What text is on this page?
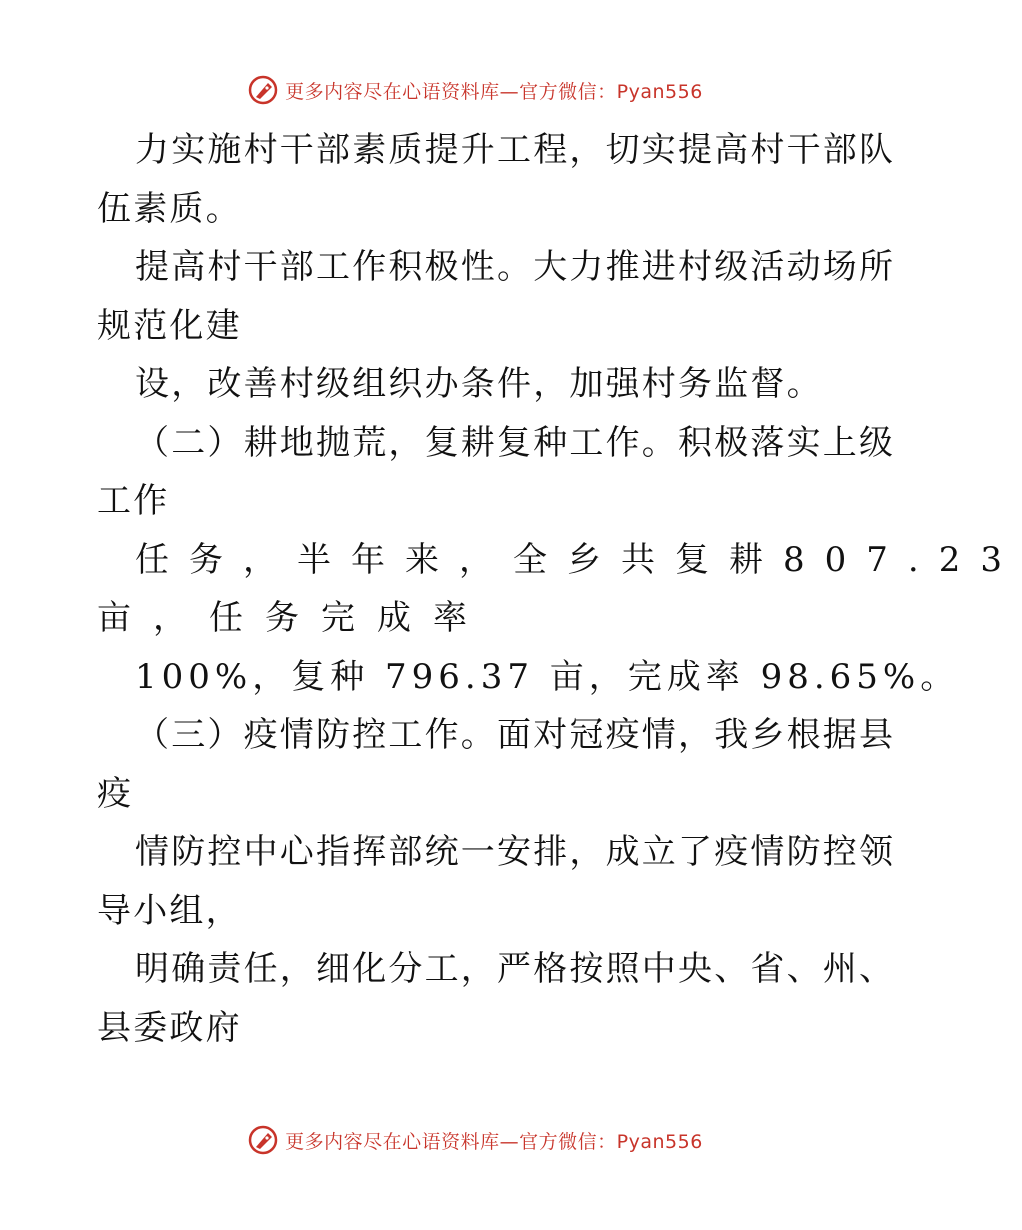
更多内容尽在心语资料库—官方微信：Pyan556
力实施村干部素质提升工程，切实提高村干部队
伍素质。
提高村干部工作积极性。大力推进村级活动场所
规范化建
设，改善村级组织办条件，加强村务监督。
（二）耕地抛荒，复耕复种工作。积极落实上级
工作
任务，半年来，全乡共复耕807.23
亩，任务完成率
100%，复种 796.37 亩，完成率 98.65%。
（三）疫情防控工作。面对冠疫情，我乡根据县
疫
情防控中心指挥部统一安排，成立了疫情防控领
导小组，
明确责任，细化分工，严格按照中央、省、州、
县委政府
更多内容尽在心语资料库—官方微信：Pyan556
